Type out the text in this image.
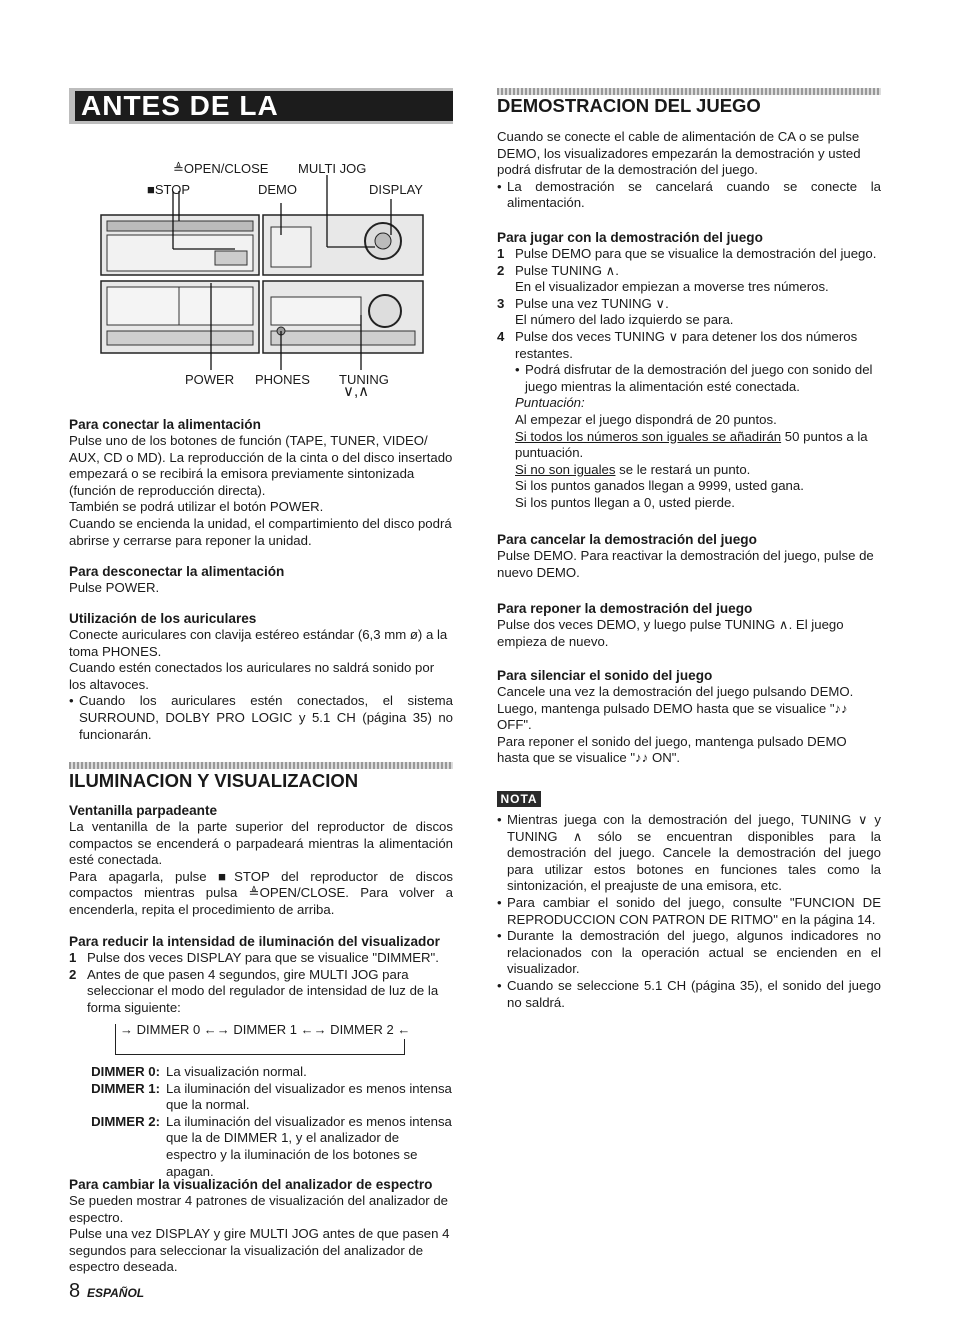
ANTES DE LA OPERACION
≜OPEN/CLOSE MULTI JOG
■STOP	DEMO	DISPLAY
POWER PHONES TUNING
∨,∧
Para conectar la alimentación

Pulse uno de los botones de función (TAPE, TUNER, VIDEO/ AUX, CD o MD). La reproducción de la cinta o del disco insertado empezará o se recibirá la emisora previamente sintonizada (función de reproducción directa).

También se podrá utilizar el botón POWER.

Cuando se encienda la unidad, el compartimiento del disco podrá abrirse y cerrarse para reponer la unidad.

Para desconectar la alimentación

Pulse POWER.

Utilización de los auriculares

Conecte auriculares con clavija estéreo estándar (6,3 mm ø) a la toma PHONES.

Cuando estén conectados los auriculares no saldrá sonido por los altavoces.

• Cuando los auriculares estén conectados, el sistema SURROUND, DOLBY PRO LOGIC y 5.1 CH (página 35) no funcionarán.
ILUMINACION Y VISUALIZACION
Ventanilla parpadeante

La ventanilla de la parte superior del reproductor de discos compactos se encenderá o parpadeará mientras la alimentación esté conectada.

Para apagarla, pulse ■STOP del reproductor de discos compactos mientras pulsa ≜OPEN/CLOSE. Para volver a encenderla, repita el procedimiento de arriba.

Para reducir la intensidad de iluminación del visualizador
1 Pulse dos veces DISPLAY para que se visualice "DIMMER".
2 Antes de que pasen 4 segundos, gire MULTI JOG para seleccionar el modo del regulador de intensidad de luz de la forma siguiente:
→ DIMMER 0 ←→ DIMMER 1 ←→ DIMMER 2 ←
DIMMER 0: La visualización normal.
DIMMER 1: La iluminación del visualizador es menos intensa que la normal.
DIMMER 2: La iluminación del visualizador es menos intensa que la de DIMMER 1, y el analizador de espectro y la iluminación de los botones se apagan.
Para cambiar la visualización del analizador de espectro

Se pueden mostrar 4 patrones de visualización del analizador de espectro.

Pulse una vez DISPLAY y gire MULTI JOG antes de que pasen 4 segundos para seleccionar la visualización del analizador de espectro deseada.

8 ESPAÑOL
DEMOSTRACION DEL JUEGO

Cuando se conecte el cable de alimentación de CA o se pulse DEMO, los visualizadores empezarán la demostración y usted podrá disfrutar de la demostración del juego.

• La demostración se cancelará cuando se conecte la alimentación.
Para jugar con la demostración del juego
1 Pulse DEMO para que se visualice la demostración del juego.
2 Pulse TUNING ∧.
En el visualizador empiezan a moverse tres números.
3 Pulse una vez TUNING ∨.
El número del lado izquierdo se para.
4 Pulse dos veces TUNING ∨ para detener los dos números restantes.
• Podrá disfrutar de la demostración del juego con sonido del juego mientras la alimentación esté conectada.

Puntuación:

Al empezar el juego dispondrá de 20 puntos.

Si todos los números son iguales se añadirán 50 puntos a la puntuación.

Si no son iguales se le restará un punto.

Si los puntos ganados llegan a 9999, usted gana.

Si los puntos llegan a 0, usted pierde.

Para cancelar la demostración del juego

Pulse DEMO. Para reactivar la demostración del juego, pulse de nuevo DEMO.

Para reponer la demostración del juego

Pulse dos veces DEMO, y luego pulse TUNING ∧. El juego empieza de nuevo.

Para silenciar el sonido del juego

Cancele una vez la demostración del juego pulsando DEMO. Luego, mantenga pulsado DEMO hasta que se visualice "♪♪ OFF".

Para reponer el sonido del juego, mantenga pulsado DEMO hasta que se visualice "♪♪ ON".

NOTA
• Mientras juega con la demostración del juego, TUNING ∨ y TUNING ∧ sólo se encuentran disponibles para la demostración del juego. Cancele la demostración del juego para utilizar estos botones en funciones tales como la sintonización, el preajuste de una emisora, etc.
• Para cambiar el sonido del juego, consulte "FUNCION DE REPRODUCCION CON PATRON DE RITMO" en la página 14.
• Durante la demostración del juego, algunos indicadores no relacionados con la operación actual se encienden en el visualizador.
• Cuando se seleccione 5.1 CH (página 35), el sonido del juego no saldrá.
